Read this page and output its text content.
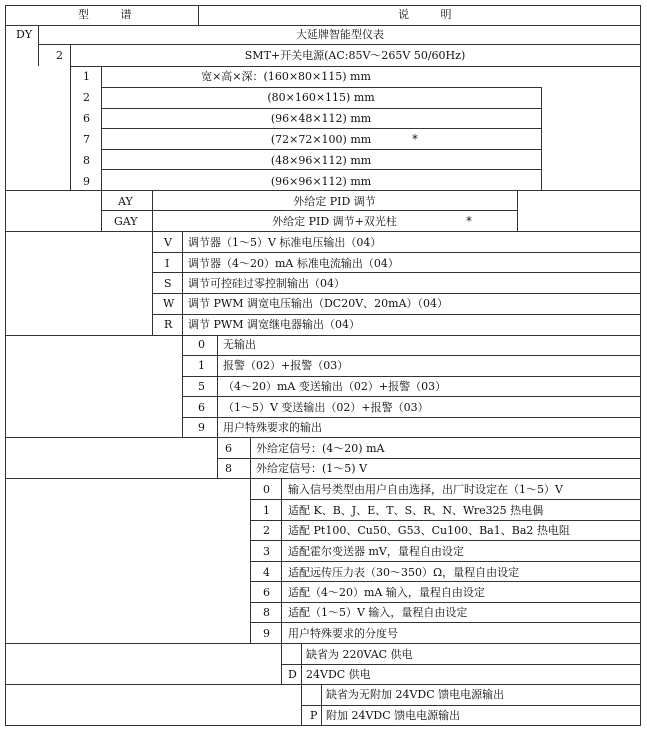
型 谱	说 明
DY	大延牌智能型仪表
2	SMT+开关电源(AC:85V～265V 50/60Hz)
1	宽×高×深：(160×80×115) mm
2	(80×160×115) mm
6	(96×48×112) mm
7	(72×72×100) mm	*
8	(48×96×112) mm
9	(96×96×112) mm
AY	外给定 PID 调节
GAY	外给定 PID 调节+双光柱	*
V 调节器（1～5）V 标准电压输出（04）
I 调节器（4～20）mA 标准电流输出（04）
S 调节可控硅过零控制输出（04）
W 调节 PWM 调宽电压输出（DC20V、20mA）（04）
R 调节 PWM 调宽继电器输出（04）
0 无输出
1 报警（02）+报警（03）
5 （4～20）mA 变送输出（02）+报警（03）
6 （1～5）V 变送输出（02）+报警（03）
9 用户特殊要求的输出
6 外给定信号：(4～20) mA
8 外给定信号：(1～5) V
0 输入信号类型由用户自由选择，出厂时设定在（1～5）V
1 适配 K、B、J、E、T、S、R、N、Wre325 热电偶
2 适配 Pt100、Cu50、G53、Cu100、Ba1、Ba2 热电阻
3 适配霍尔变送器 mV，量程自由设定
4 适配远传压力表（30～350）Ω，量程自由设定
6 适配（4～20）mA 输入，量程自由设定
8 适配（1～5）V 输入，量程自由设定
9 用户特殊要求的分度号
缺省为 220VAC 供电
D 24VDC 供电
缺省为无附加 24VDC 馈电电源输出
P 附加 24VDC 馈电电源输出
